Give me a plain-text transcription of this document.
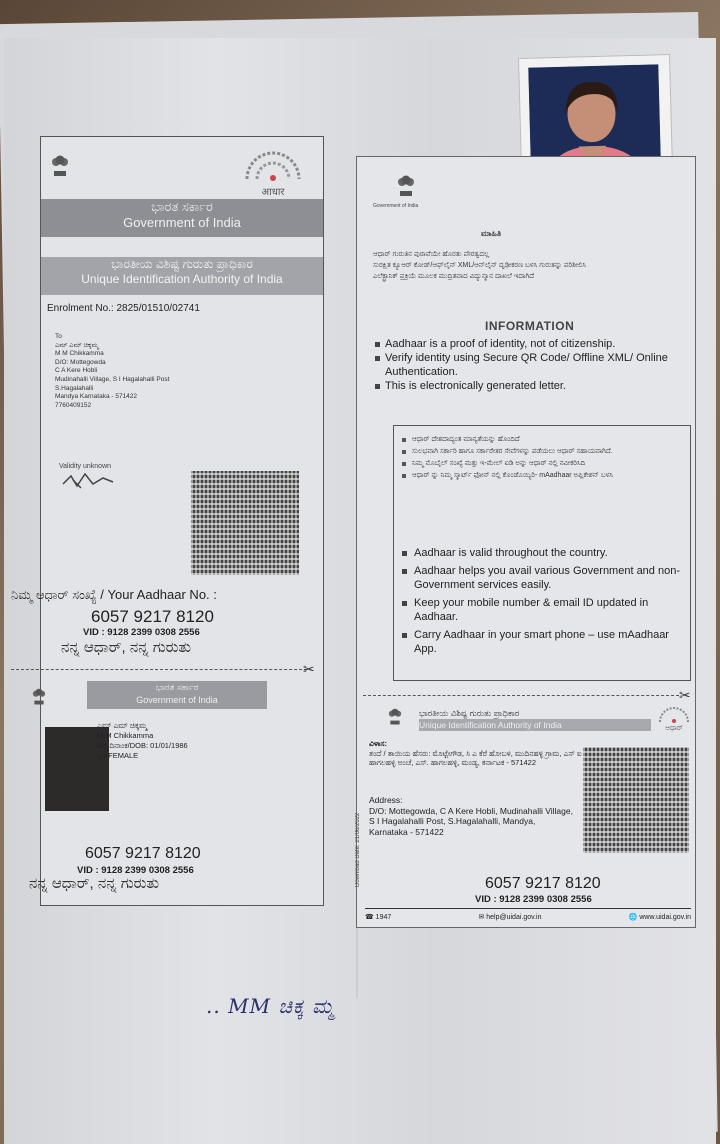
आधार
ಭಾರತ ಸರ್ಕಾರ
Government of India
ಭಾರತೀಯ ವಿಶಿಷ್ಟ ಗುರುತು ಪ್ರಾಧಿಕಾರ
Unique Identification Authority of India
Enrolment No.: 2825/01510/02741
To
ಎಮ್ ಎಮ್ ಚಿಕ್ಕಮ್ಮ
M M Chikkamma
D/O: Mottegowda
C A Kere Hobli
Mudinahalli Village, S I Hagalahalli Post
S.Hagalahalli
Mandya Karnataka - 571422
7760409152
Validity unknown
ನಿಮ್ಮ ಆಧಾರ್ ಸಂಖ್ಯೆ / Your Aadhaar No. :
6057 9217 8120
VID : 9128 2399 0308 2556
ನನ್ನ ಆಧಾರ್, ನನ್ನ ಗುರುತು
✂
ಭಾರತ ಸರ್ಕಾರ
Government of India
ಎಮ್ ಎಮ್ ಚಿಕ್ಕಮ್ಮ
M M Chikkamma
ಜನ್ಮ ದಿನಾಂಕ/DOB: 01/01/1986
ಸ್ತ್ರೀ/ FEMALE
6057 9217 8120
VID : 9128 2399 0308 2556
ನನ್ನ ಆಧಾರ್, ನನ್ನ ಗುರುತು
Government of India
ಮಾಹಿತಿ
ಆಧಾರ್ ಗುರುತಿನ ಪುರಾವೆಯೇ ಹೊರತು ಪೌರತ್ವದಲ್ಲ
ಸುರಕ್ಷಿತ ಕ್ಯೂಆರ್ ಕೋಡ್/ಆಫ್‌ಲೈನ್ XML/ಆನ್‌ಲೈನ್ ದೃಢೀಕರಣ ಬಳಸಿ ಗುರುತನ್ನು ಪರಿಶೀಲಿಸಿ
ಎಲೆಕ್ಟ್ರಾನಿಕ್ ಪ್ರಕ್ರಿಯೆ ಮೂಲಕ ಮುದ್ರಿತವಾದ ವಿದ್ಯುನ್ಮಾನ ದಾಖಲೆ ಇದಾಗಿದೆ
INFORMATION
Aadhaar is a proof of identity, not of citizenship.
Verify identity using Secure QR Code/ Offline XML/ Online Authentication.
This is electronically generated letter.
ಆಧಾರ್ ದೇಶದಾದ್ಯಂತ ಮಾನ್ಯತೆಯನ್ನು ಹೊಂದಿದೆ
ಸುಲಭವಾಗಿ ಸರ್ಕಾರಿ ಹಾಗೂ ಸರ್ಕಾರೇತರ ಸೇವೆಗಳನ್ನು ಪಡೆಯಲು ಆಧಾರ್ ಸಹಾಯವಾಗಿದೆ.
ನಿಮ್ಮ ಮೊಬೈಲ್ ಸಂಖ್ಯೆ ಮತ್ತು ಇ-ಮೇಲ್ ಐಡಿ ಅನ್ನು ಆಧಾರ್ ನಲ್ಲಿ ನವೀಕರಿಸಿದಿ
ಆಧಾರ್ ನ್ನು ನಿಮ್ಮ ಸ್ಮಾರ್ಟ್ ಫೋನ್ ನಲ್ಲಿ ಕೊಂಡೊಯ್ಯಿರಿ- mAadhaar ಅಪ್ಲಿಕೇಶನ್ ಬಳಸಿ
Aadhaar is valid throughout the country.
Aadhaar helps you avail various Government and non-Government services easily.
Keep your mobile number & email ID updated in Aadhaar.
Carry Aadhaar in your smart phone – use mAadhaar App.
✂
ಭಾರತೀಯ ವಿಶಿಷ್ಟ ಗುರುತು ಪ್ರಾಧಿಕಾರ
Unique Identification Authority of India	ಆಧಾರ್
Download Date: 21/06/2022
ವಿಳಾಸ:
ತಂದೆ / ತಾಯಿಯ ಹೆಸರು: ಮೊಟ್ಟೇಗೌಡ, ಸಿ ಎ ಕೆರೆ ಹೋಬಳಿ, ಮುದಿನಹಳ್ಳಿ ಗ್ರಾಮ, ಎಸ್ ಐ ಹಾಗಲಹಳ್ಳಿ ಅಂಚೆ, ಎಸ್. ಹಾಗಲಹಳ್ಳಿ, ಮಂಡ್ಯ, ಕರ್ನಾಟಕ - 571422
Address:
D/O: Mottegowda, C A Kere Hobli, Mudinahalli Village, S I Hagalahalli Post, S.Hagalahalli, Mandya, Karnataka - 571422
6057 9217 8120
VID : 9128 2399 0308 2556
☎ 1947	✉ help@uidai.gov.in	🌐 www.uidai.gov.in
.. MM ಚಿಕ್ಕ ಮ್ಮ
